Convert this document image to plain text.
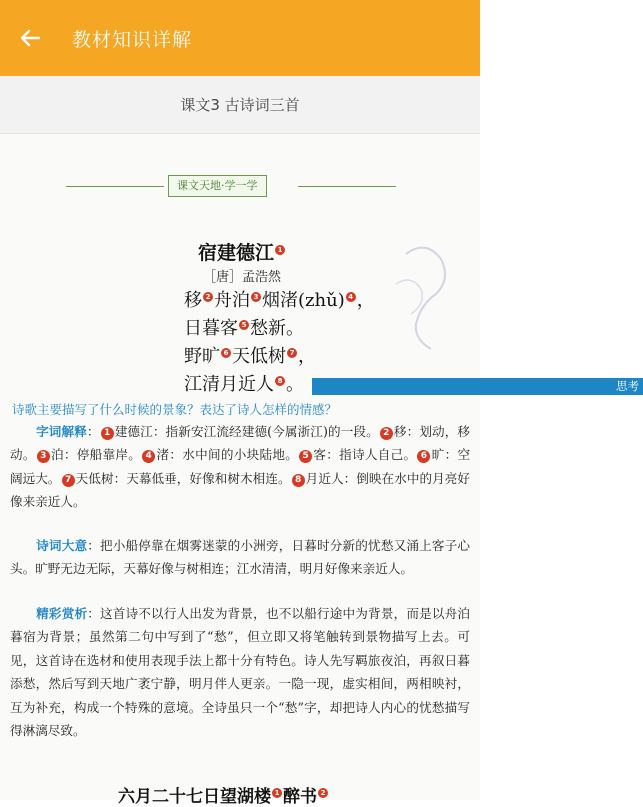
教材知识详解
课文3 古诗词三首
课文天地·学一学
宿建德江 1
［唐］孟浩然
移 2 舟泊 3 烟渚(zhǔ) 4 ，
日暮客 5 愁新。
野旷 6 天低树 7 ，
江清月近人 8 。	思考诗歌主要描写了什么时候的景象？表达了诗人怎样的情感？
字词解释： 1 建德江：指新安江流经建德(今属浙江)的一段。 2 移：划动，移动。 3 泊：停船靠岸。 4 渚：水中间的小块陆地。 5 客：指诗人自己。 6 旷：空阔远大。 7 天低树：天幕低垂，好像和树木相连。 8 月近人：倒映在水中的月亮好像来亲近人。
诗词大意：把小船停靠在烟雾迷蒙的小洲旁，日暮时分新的忧愁又涌上客子心头。旷野无边无际，天幕好像与树相连；江水清清，明月好像来亲近人。
精彩赏析：这首诗不以行人出发为背景，也不以船行途中为背景，而是以舟泊暮宿为背景；虽然第二句中写到了“愁”，但立即又将笔触转到景物描写上去。可见，这首诗在选材和使用表现手法上都十分有特色。诗人先写羁旅夜泊，再叙日暮添愁，然后写到天地广袤宁静，明月伴人更亲。一隐一现，虚实相间，两相映衬，互为补充，构成一个特殊的意境。全诗虽只一个“愁”字，却把诗人内心的忧愁描写得淋漓尽致。
六月二十七日望湖楼 1 醉书 2
